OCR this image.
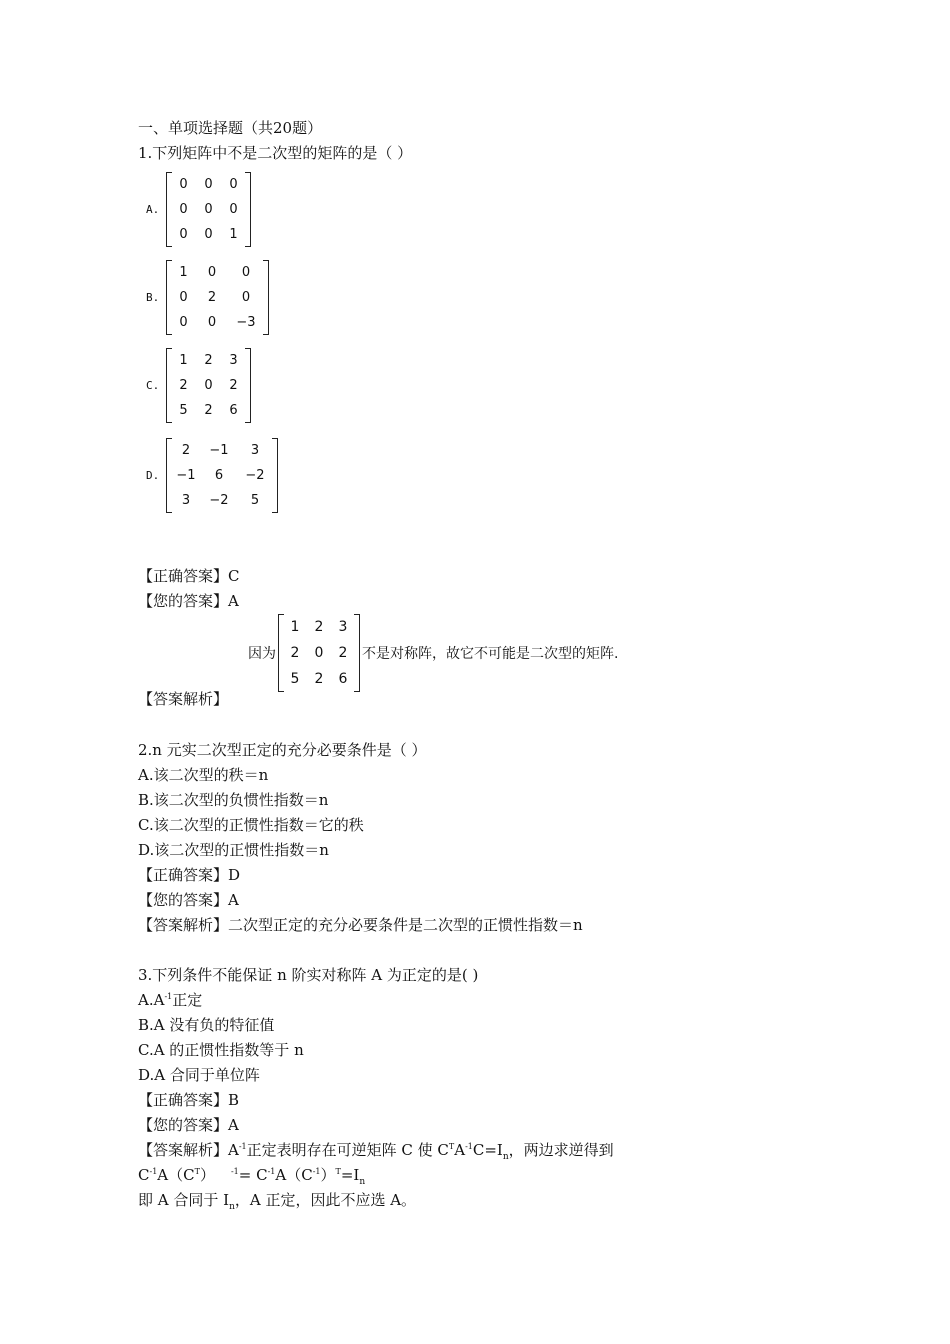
一、单项选择题（共20题）
1.下列矩阵中不是二次型的矩阵的是（ ）
A.
0	0	0
0	0	0
0	0	1
B.
1	0	0
0	2	0
0	0	−3
C.
1	2	3
2	0	2
5	2	6
D.
2	−1	3
−1	6	−2
3	−2	5
【正确答案】C
【您的答案】A
因为
1	2	3
2	0	2
5	2	6
不是对称阵，故它不可能是二次型的矩阵.
【答案解析】
2.n 元实二次型正定的充分必要条件是（ ）
A.该二次型的秩＝n
B.该二次型的负惯性指数＝n
C.该二次型的正惯性指数＝它的秩
D.该二次型的正惯性指数＝n
【正确答案】D
【您的答案】A
【答案解析】二次型正定的充分必要条件是二次型的正惯性指数＝n
3.下列条件不能保证 n 阶实对称阵 A 为正定的是( )
$A.A^{-1}$正定
B.A 没有负的特征值
C.A 的正惯性指数等于 n
D.A 合同于单位阵
【正确答案】B
【您的答案】A
【答案解析】$A^{-1}$正定表明存在可逆矩阵 C 使 $C^TA^{-1}C=I_n$，两边求逆得到
$C^{-1}A(C^T)$ $^{-1}= C^{-1}A(C^{-1})^T=I_n$
即 A 合同于 $I_n$，A 正定，因此不应选 A。
